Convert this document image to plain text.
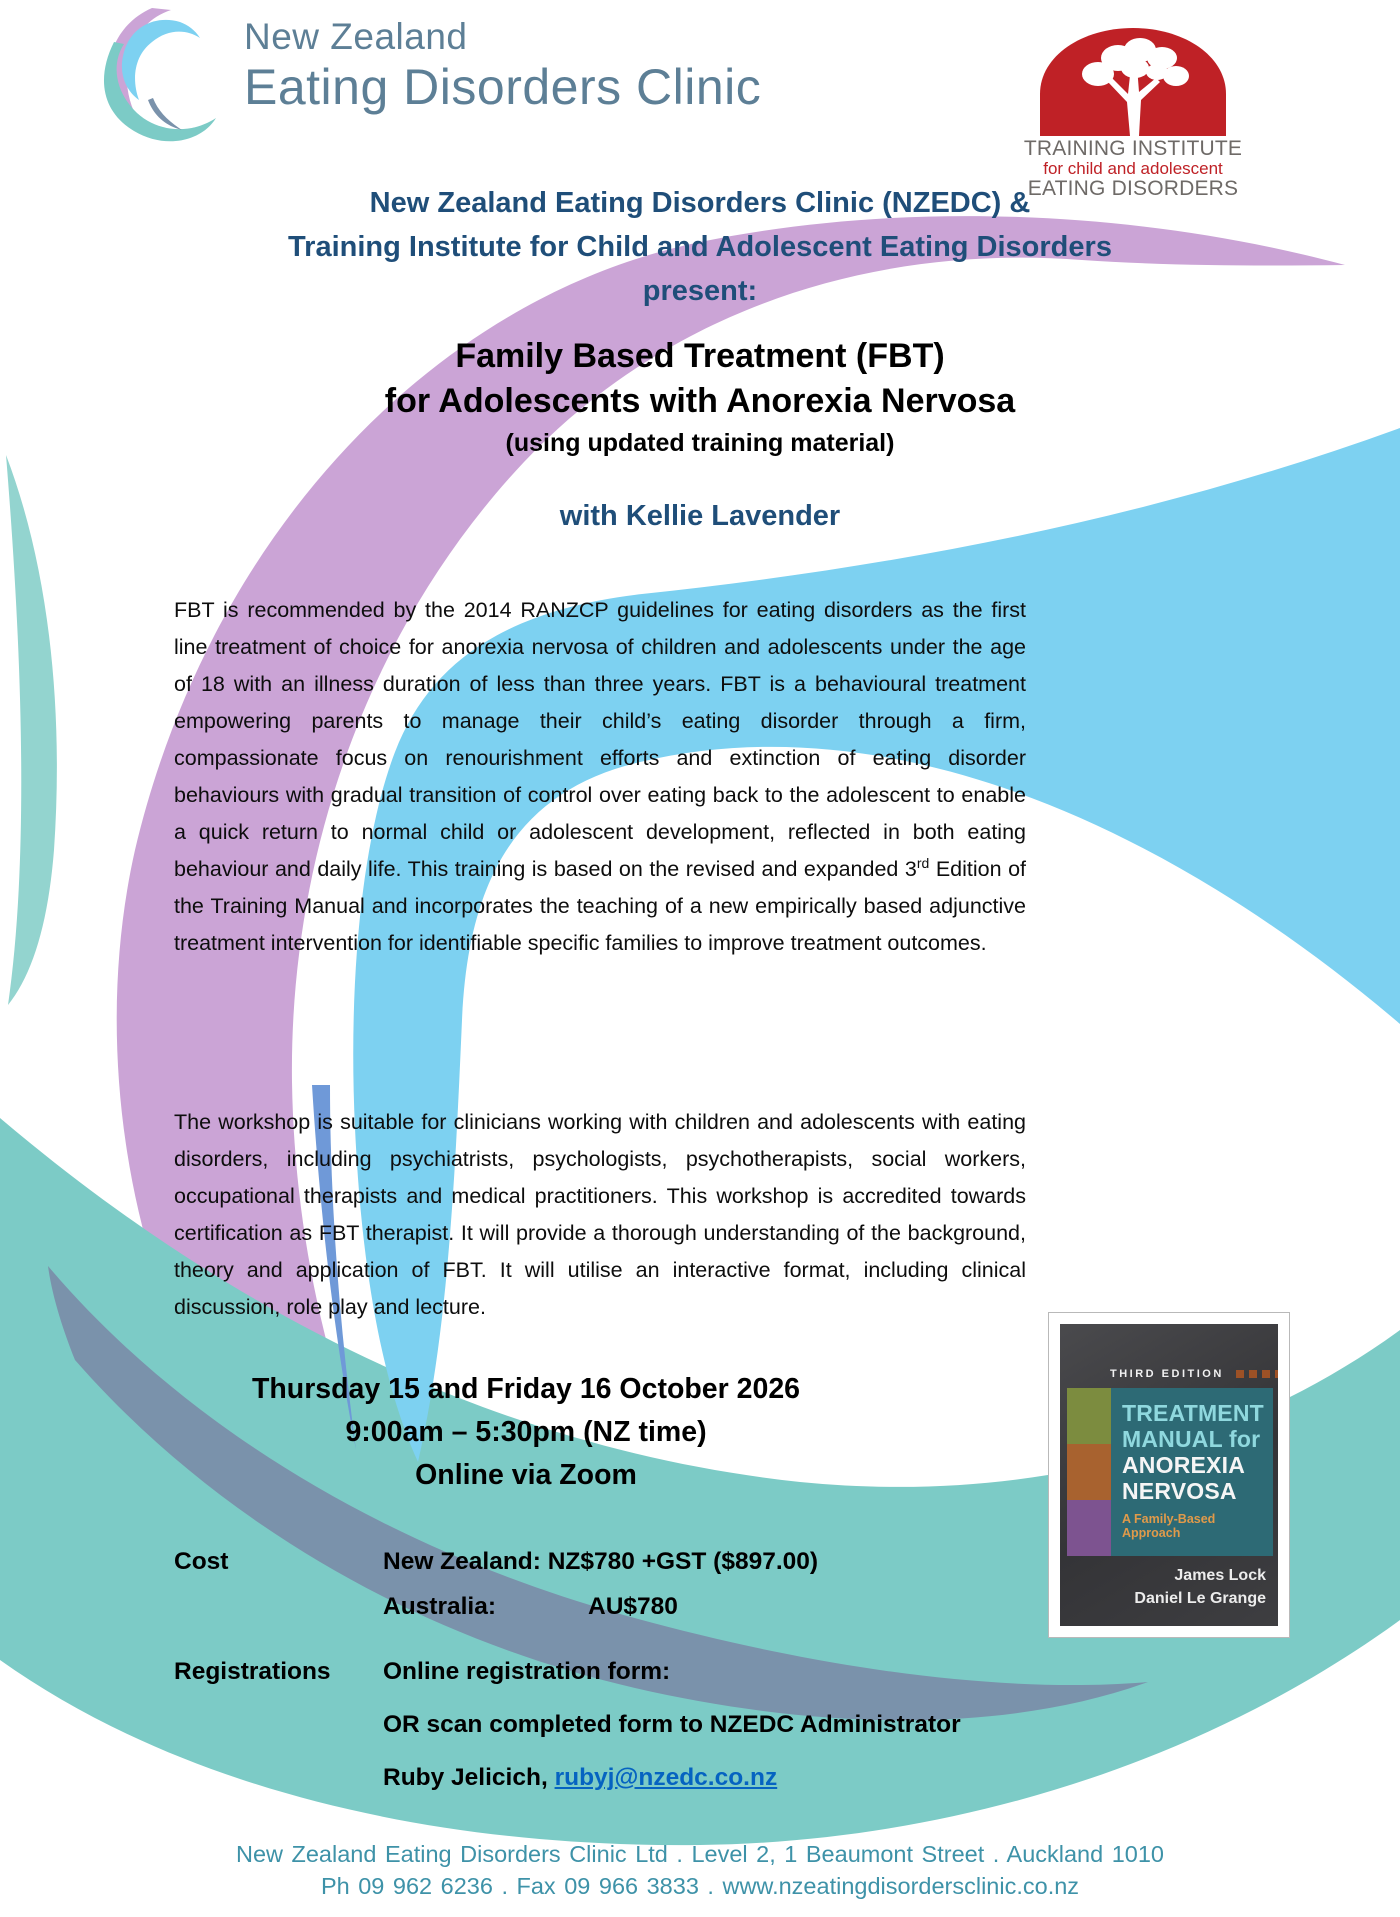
New Zealand
Eating Disorders Clinic
TRAINING INSTITUTE
for child and adolescent
EATING DISORDERS
New Zealand Eating Disorders Clinic (NZEDC) &
Training Institute for Child and Adolescent Eating Disorders
present:
Family Based Treatment (FBT)
for Adolescents with Anorexia Nervosa
(using updated training material)
with Kellie Lavender
FBT is recommended by the 2014 RANZCP guidelines for eating disorders as the first line treatment of choice for anorexia nervosa of children and adolescents under the age of 18 with an illness duration of less than three years. FBT is a behavioural treatment empowering parents to manage their child’s eating disorder through a firm, compassionate focus on renourishment efforts and extinction of eating disorder behaviours with gradual transition of control over eating back to the adolescent to enable a quick return to normal child or adolescent development, reflected in both eating behaviour and daily life. This training is based on the revised and expanded 3rd Edition of the Training Manual and incorporates the teaching of a new empirically based adjunctive treatment intervention for identifiable specific families to improve treatment outcomes.
The workshop is suitable for clinicians working with children and adolescents with eating disorders, including psychiatrists, psychologists, psychotherapists, social workers, occupational therapists and medical practitioners. This workshop is accredited towards certification as FBT therapist. It will provide a thorough understanding of the background, theory and application of FBT. It will utilise an interactive format, including clinical discussion, role play and lecture.
Thursday 15 and Friday 16 October 2026
9:00am – 5:30pm (NZ time)
Online via Zoom
Cost	New Zealand: NZ$780 +GST ($897.00)
Australia:	AU$780
Registrations Online registration form:
OR scan completed form to NZEDC Administrator
Ruby Jelicich, rubyj@nzedc.co.nz
THIRD EDITION
TREATMENT
MANUAL for
ANOREXIA
NERVOSA
A Family-Based Approach
James Lock
Daniel Le Grange
New Zealand Eating Disorders Clinic Ltd . Level 2, 1 Beaumont Street . Auckland 1010
Ph 09 962 6236 . Fax 09 966 3833 . www.nzeatingdisordersclinic.co.nz
